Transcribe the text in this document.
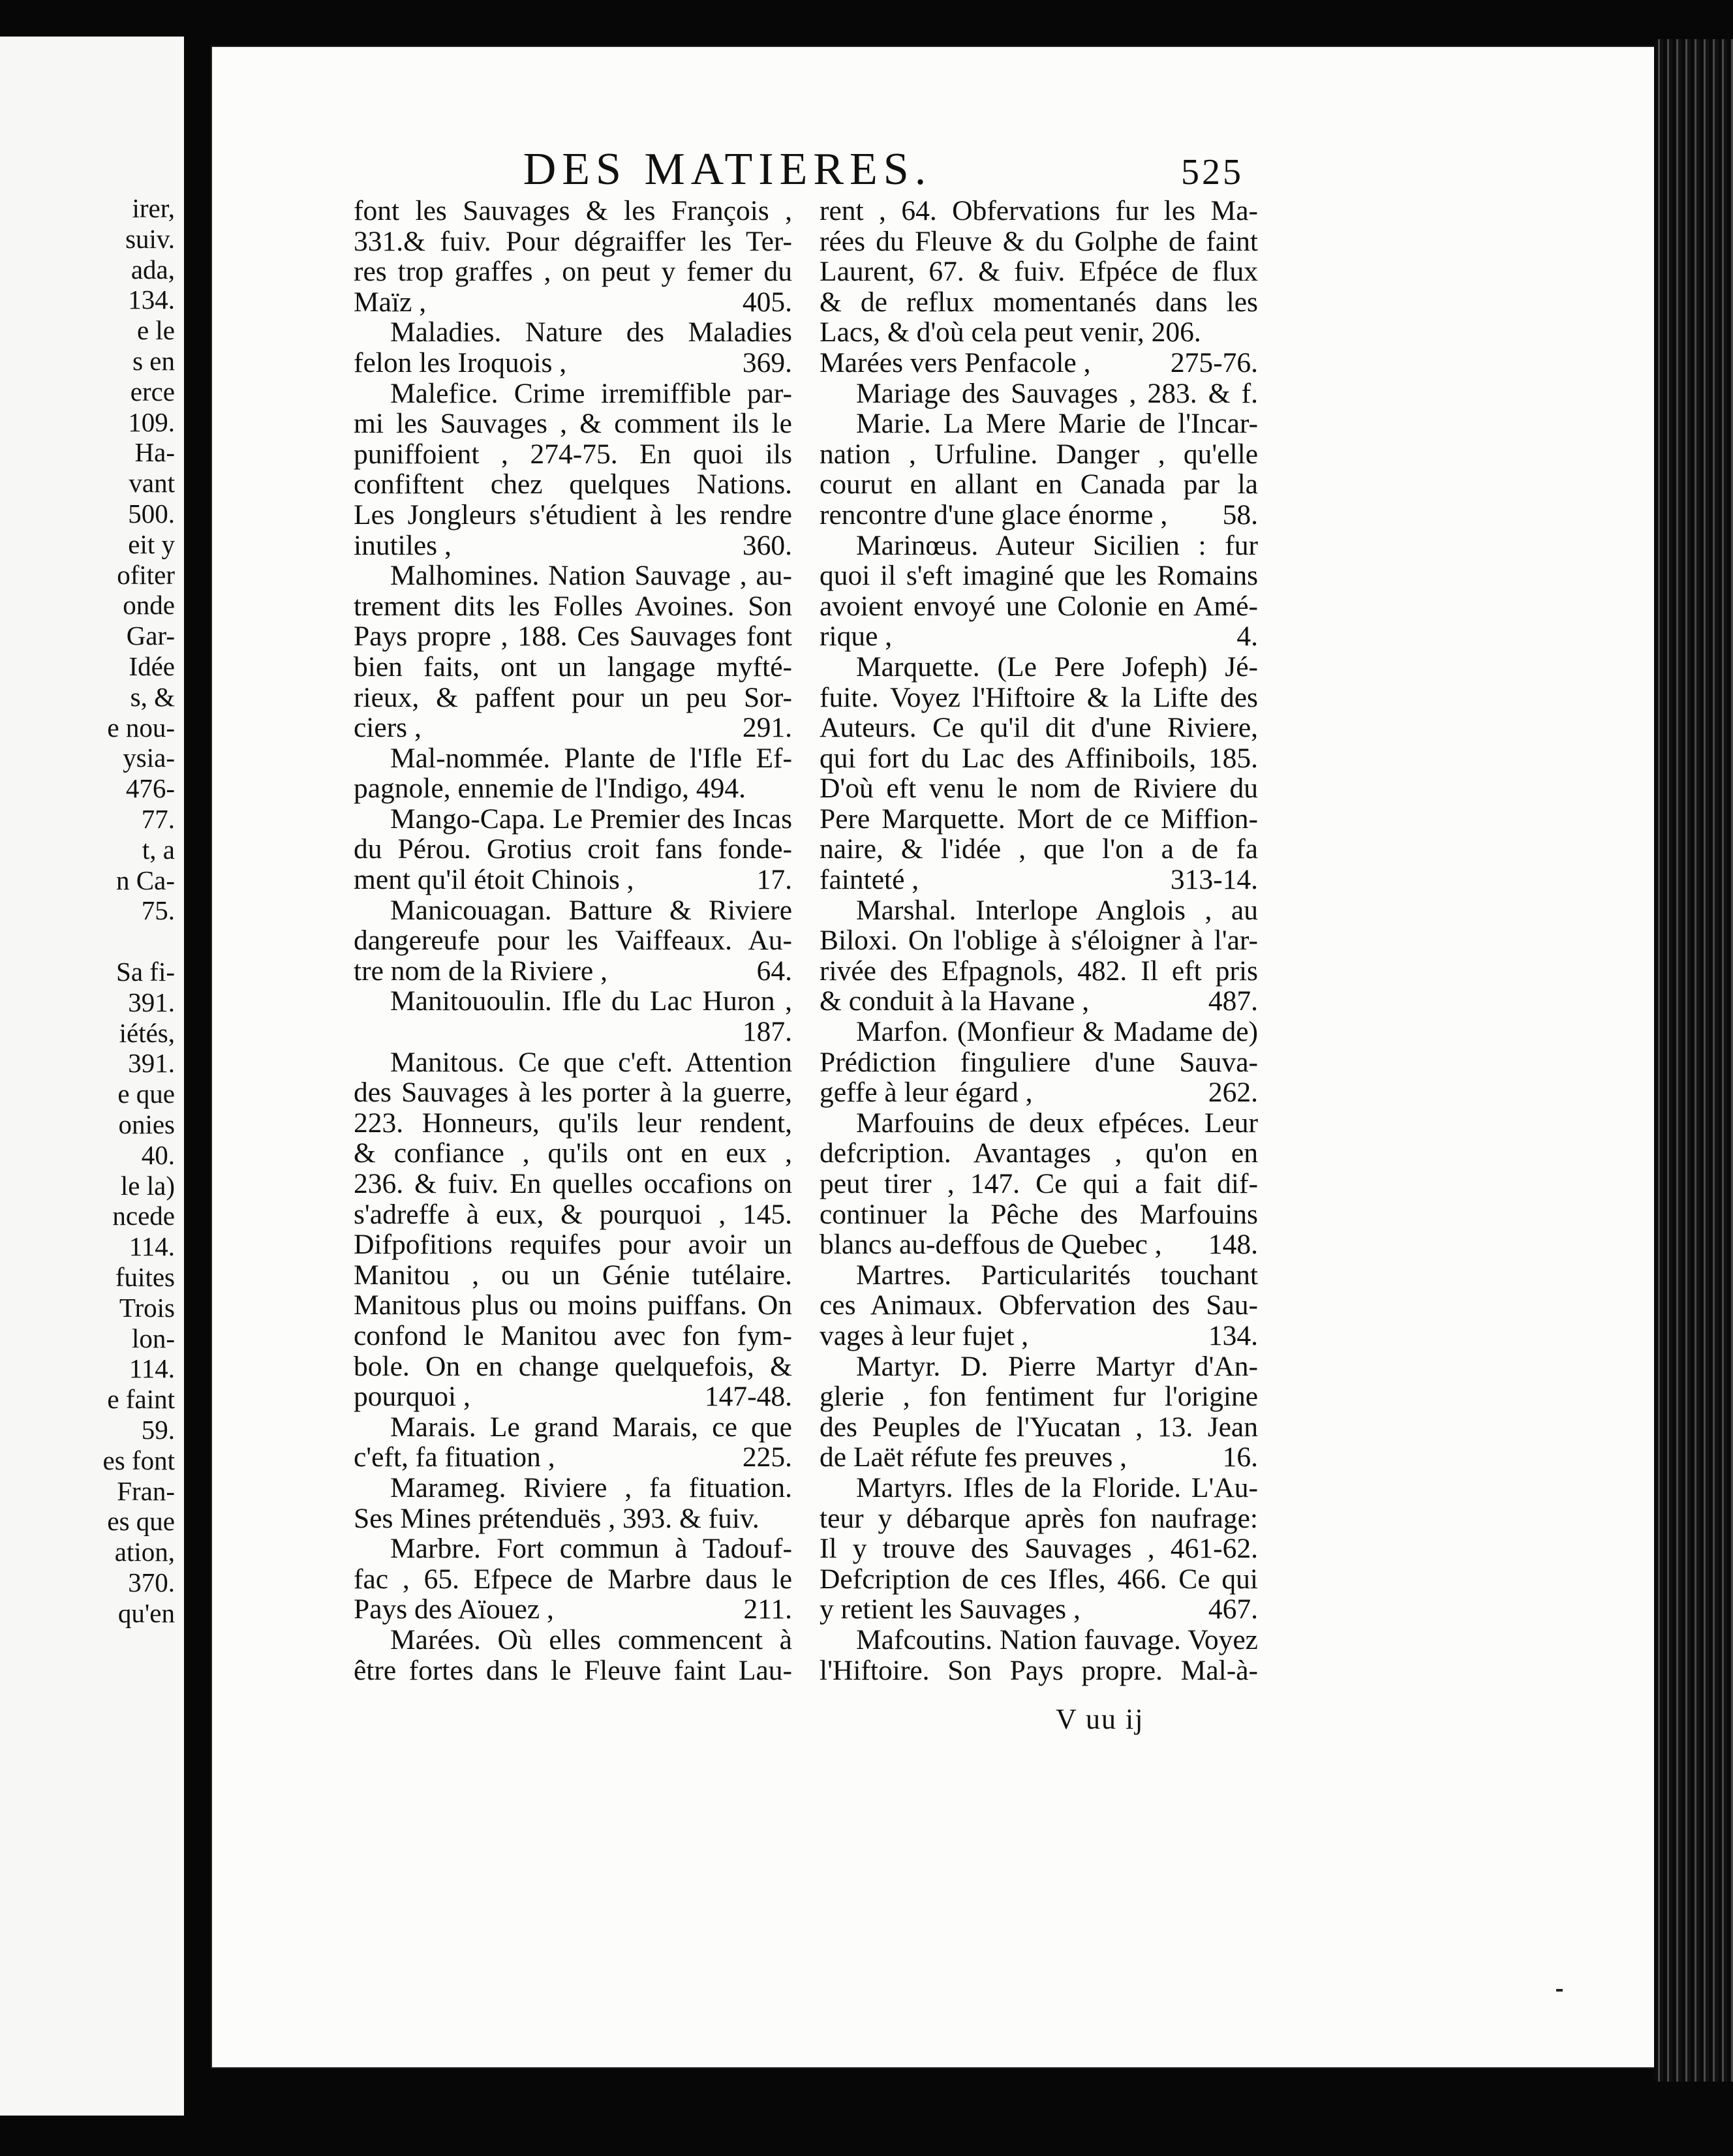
irer,
suiv.
ada,
134.
e le
s en
erce
109.
Ha-
vant
500.
eit y
ofiter
onde
Gar-
Idée
s, &
e nou-
ysia-
476-
77.
t, a
n Ca-
75.
Sa fi-
391.
iétés,
391.
e que
onies
40.
le la)
ncede
114.
fuites
Trois
lon-
114.
e faint
59.
es font
Fran-
es que
ation,
370.
qu'en
DES MATIERES.	525
font les Sauvages & les François ,
331.& fuiv. Pour dégraiffer les Ter-
res trop graffes , on peut y femer du
Maïz ,	405.
Maladies. Nature des Maladies
felon les Iroquois ,	369.
Malefice. Crime irremiffible par-
mi les Sauvages , & comment ils le
puniffoient , 274-75. En quoi ils
confiftent chez quelques Nations.
Les Jongleurs s'étudient à les rendre
inutiles ,	360.
Malhomines. Nation Sauvage , au-
trement dits les Folles Avoines. Son
Pays propre , 188. Ces Sauvages font
bien faits, ont un langage myfté-
rieux, & paffent pour un peu Sor-
ciers ,	291.
Mal-nommée. Plante de l'Ifle Ef-
pagnole, ennemie de l'Indigo, 494.
Mango-Capa. Le Premier des Incas
du Pérou. Grotius croit fans fonde-
ment qu'il étoit Chinois ,	17.
Manicouagan. Batture & Riviere
dangereufe pour les Vaiffeaux. Au-
tre nom de la Riviere ,	64.
Manitououlin. Ifle du Lac Huron ,
187.
Manitous. Ce que c'eft. Attention
des Sauvages à les porter à la guerre,
223. Honneurs, qu'ils leur rendent,
& confiance , qu'ils ont en eux ,
236. & fuiv. En quelles occafions on
s'adreffe à eux, & pourquoi , 145.
Difpofitions requifes pour avoir un
Manitou , ou un Génie tutélaire.
Manitous plus ou moins puiffans. On
confond le Manitou avec fon fym-
bole. On en change quelquefois, &
pourquoi ,	147-48.
Marais. Le grand Marais, ce que
c'eft, fa fituation ,	225.
Marameg. Riviere , fa fituation.
Ses Mines prétenduës , 393. & fuiv.
Marbre. Fort commun à Tadouf-
fac , 65. Efpece de Marbre daus le
Pays des Aïouez ,	211.
Marées. Où elles commencent à
être fortes dans le Fleuve faint Lau-
rent , 64. Obfervations fur les Ma-
rées du Fleuve & du Golphe de faint
Laurent, 67. & fuiv. Efpéce de flux
& de reflux momentanés dans les
Lacs, & d'où cela peut venir, 206.
Marées vers Penfacole ,	275-76.
Mariage des Sauvages , 283. & f.
Marie. La Mere Marie de l'Incar-
nation , Urfuline. Danger , qu'elle
courut en allant en Canada par la
rencontre d'une glace énorme , 58.
Marinœus. Auteur Sicilien : fur
quoi il s'eft imaginé que les Romains
avoient envoyé une Colonie en Amé-
rique ,	4.
Marquette. (Le Pere Jofeph) Jé-
fuite. Voyez l'Hiftoire & la Lifte des
Auteurs. Ce qu'il dit d'une Riviere,
qui fort du Lac des Affiniboils, 185.
D'où eft venu le nom de Riviere du
Pere Marquette. Mort de ce Miffion-
naire, & l'idée , que l'on a de fa
fainteté ,	313-14.
Marshal. Interlope Anglois , au
Biloxi. On l'oblige à s'éloigner à l'ar-
rivée des Efpagnols, 482. Il eft pris
& conduit à la Havane ,	487.
Marfon. (Monfieur & Madame de)
Prédiction finguliere d'une Sauva-
geffe à leur égard ,	262.
Marfouins de deux efpéces. Leur
defcription. Avantages , qu'on en
peut tirer , 147. Ce qui a fait dif-
continuer la Pêche des Marfouins
blancs au-deffous de Quebec , 148.
Martres. Particularités touchant
ces Animaux. Obfervation des Sau-
vages à leur fujet ,	134.
Martyr. D. Pierre Martyr d'An-
glerie , fon fentiment fur l'origine
des Peuples de l'Yucatan , 13. Jean
de Laët réfute fes preuves ,	16.
Martyrs. Ifles de la Floride. L'Au-
teur y débarque après fon naufrage:
Il y trouve des Sauvages , 461-62.
Defcription de ces Ifles, 466. Ce qui
y retient les Sauvages ,	467.
Mafcoutins. Nation fauvage. Voyez
l'Hiftoire. Son Pays propre. Mal-à-
V uu ij
